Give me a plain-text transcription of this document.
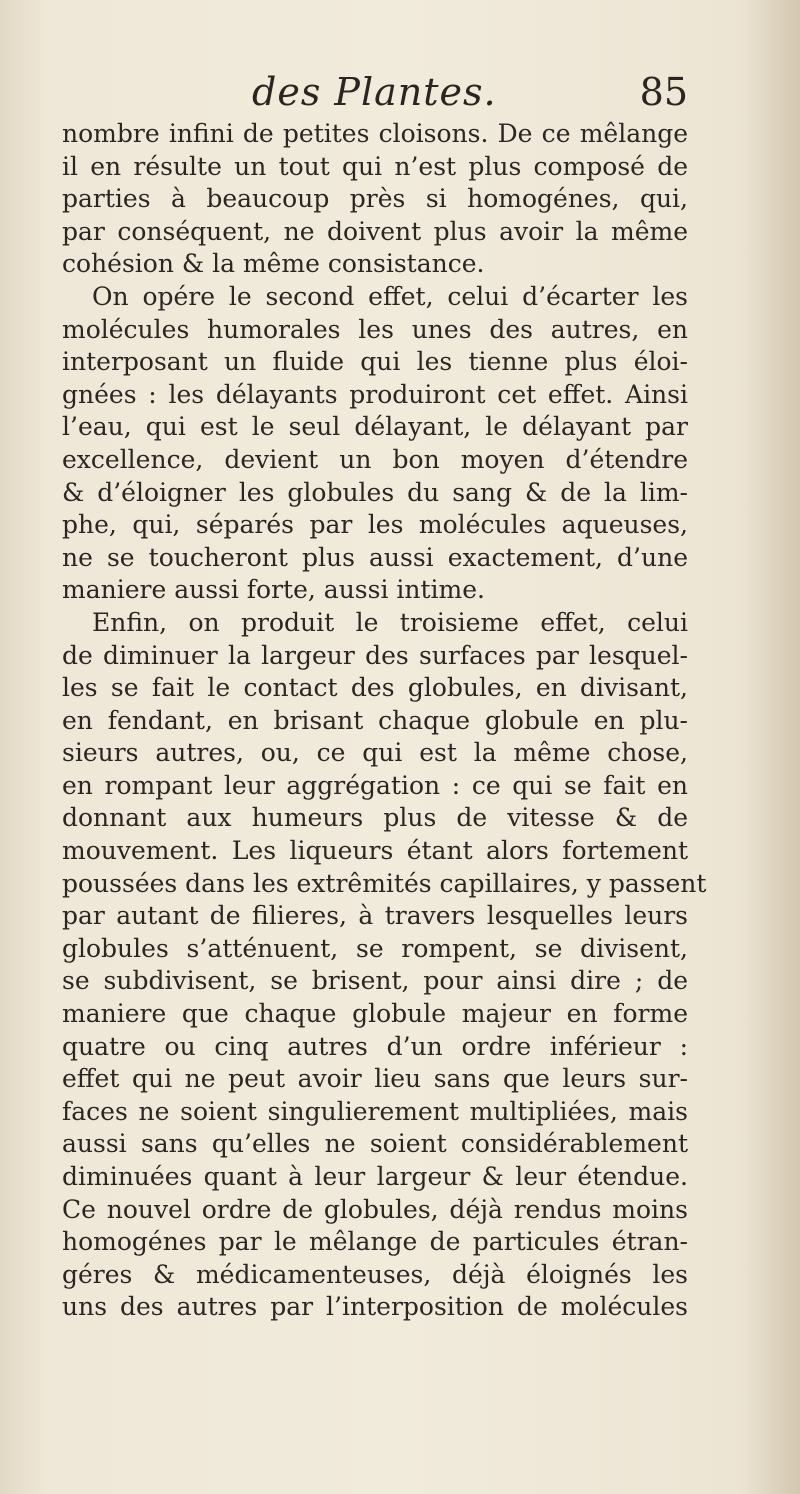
des Plantes.	85
nombre infini de petites cloisons. De ce mêlange
il en résulte un tout qui n’est plus composé de
parties à beaucoup près si homogénes, qui,
par conséquent, ne doivent plus avoir la même
cohésion & la même consistance.
On opére le second effet, celui d’écarter les
molécules humorales les unes des autres, en
interposant un fluide qui les tienne plus éloi-
gnées : les délayants produiront cet effet. Ainsi
l’eau, qui est le seul délayant, le délayant par
excellence, devient un bon moyen d’étendre
& d’éloigner les globules du sang & de la lim-
phe, qui, séparés par les molécules aqueuses,
ne se toucheront plus aussi exactement, d’une
maniere aussi forte, aussi intime.
Enfin, on produit le troisieme effet, celui
de diminuer la largeur des surfaces par lesquel-
les se fait le contact des globules, en divisant,
en fendant, en brisant chaque globule en plu-
sieurs autres, ou, ce qui est la même chose,
en rompant leur aggrégation : ce qui se fait en
donnant aux humeurs plus de vitesse & de
mouvement. Les liqueurs étant alors fortement
poussées dans les extrêmités capillaires, y passent
par autant de filieres, à travers lesquelles leurs
globules s’atténuent, se rompent, se divisent,
se subdivisent, se brisent, pour ainsi dire ; de
maniere que chaque globule majeur en forme
quatre ou cinq autres d’un ordre inférieur :
effet qui ne peut avoir lieu sans que leurs sur-
faces ne soient singulierement multipliées, mais
aussi sans qu’elles ne soient considérablement
diminuées quant à leur largeur & leur étendue.
Ce nouvel ordre de globules, déjà rendus moins
homogénes par le mêlange de particules étran-
géres & médicamenteuses, déjà éloignés les
uns des autres par l’interposition de molécules
